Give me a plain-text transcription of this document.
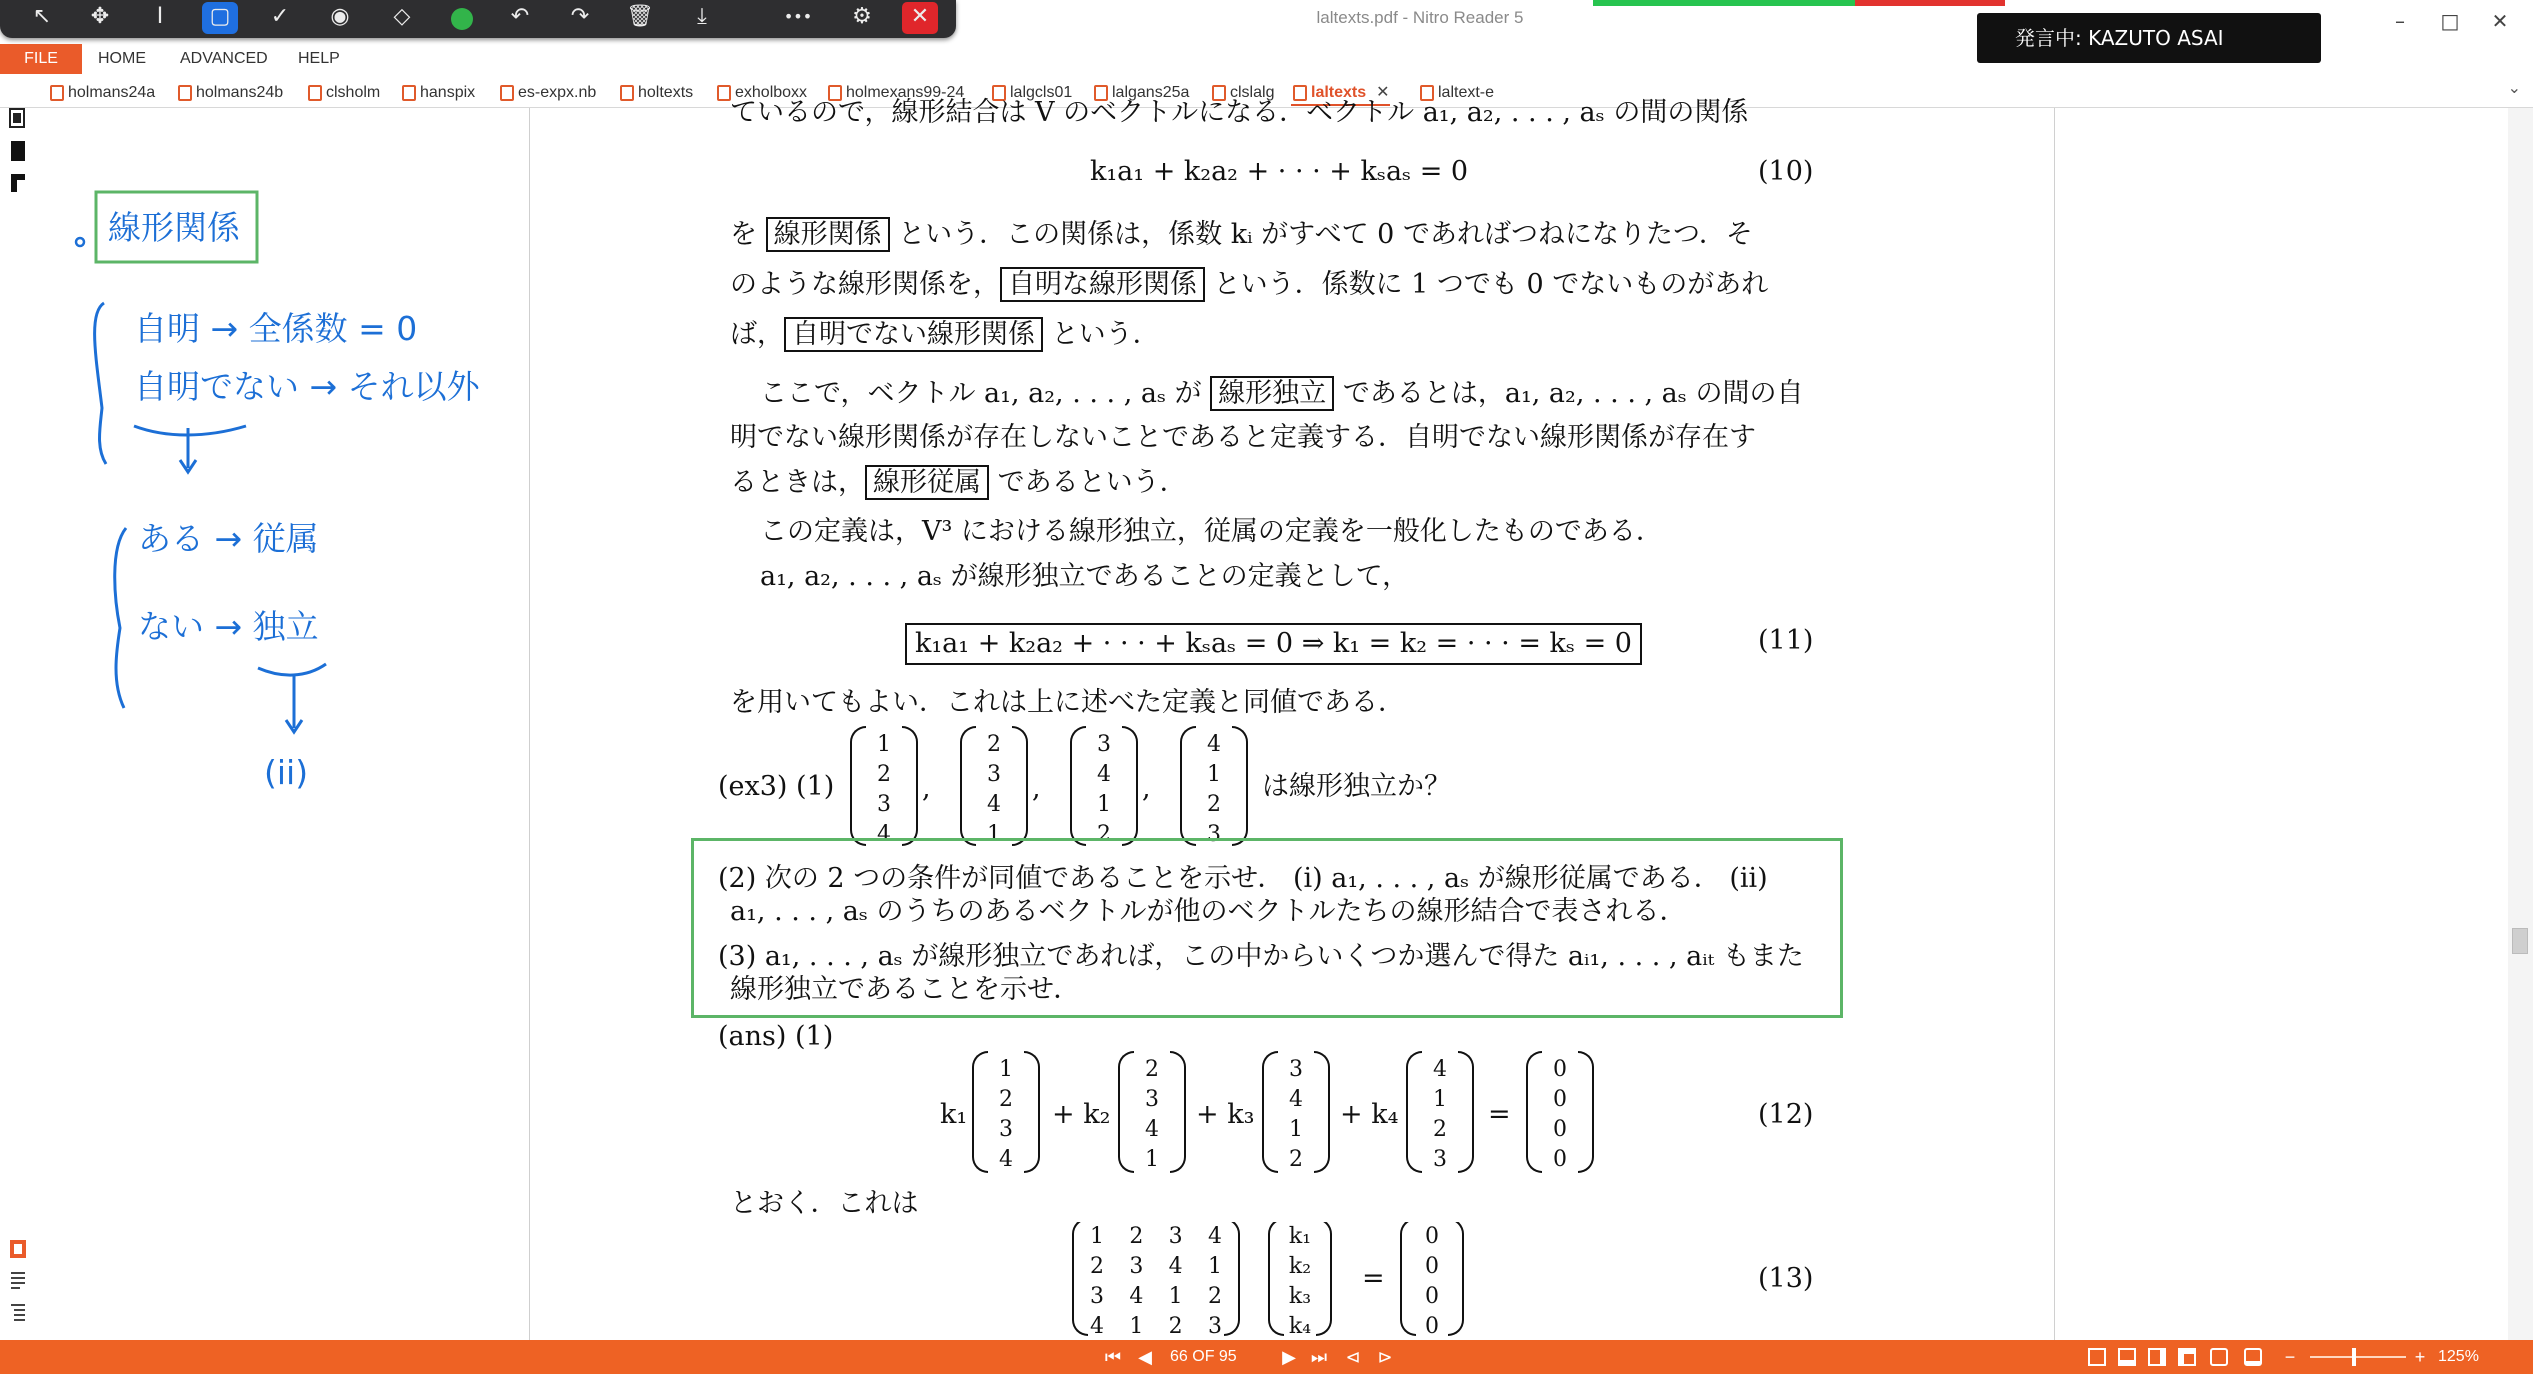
laltexts.pdf - Nitro Reader 5	–	□	✕
発言中: KAZUTO ASAI
↖	✥	I	▢	✓	◉	◇	↶	↷	🗑	⤓	•••	⚙	✕
FILE	HOME ADVANCED HELP
holmans24a	holmans24b	clsholm	hanspix	es-expx.nb	holtexts	exholboxx	holmexans99-24	lalgcls01	lalgans25a	clslalg	laltexts ✕	laltext-e	⌄
線形関係
自明 → 全係数 = 0
自明でない → それ以外
ある → 従属
ない → 独立
(ii)
ているので，線形結合は V のベクトルになる．ベクトル a₁, a₂, . . . , aₛ の間の関係
k₁a₁ + k₂a₂ + · · · + kₛaₛ = 0	(10)
を 線形関係 という．この関係は，係数 kᵢ がすべて 0 であればつねになりたつ．そ
のような線形関係を， 自明な線形関係 という．係数に 1 つでも 0 でないものがあれ
ば， 自明でない線形関係 という．
ここで，ベクトル a₁, a₂, . . . , aₛ が 線形独立 であるとは，a₁, a₂, . . . , aₛ の間の自
明でない線形関係が存在しないことであると定義する．自明でない線形関係が存在す
るときは， 線形従属 であるという．
この定義は，V³ における線形独立，従属の定義を一般化したものである．
a₁, a₂, . . . , aₛ が線形独立であることの定義として，
k₁a₁ + k₂a₂ + · · · + kₛaₛ = 0 ⇒ k₁ = k₂ = · · · = kₛ = 0	(11)
を用いてもよい．これは上に述べた定義と同値である．
(ex3) (1)
1
2
3
4
,
2
3
4
1
,
3
4
1
2
,
4
1
2
3
は線形独立か？
(2) 次の 2 つの条件が同値であることを示せ． (i) a₁, . . . , aₛ が線形従属である． (ii)
a₁, . . . , aₛ のうちのあるベクトルが他のベクトルたちの線形結合で表される．
(3) a₁, . . . , aₛ が線形独立であれば，この中からいくつか選んで得た aᵢ₁, . . . , aᵢₜ もまた
線形独立であることを示せ．
(ans) (1)
k₁
1
2
3
4
+ k₂
2
3
4
1
+ k₃
3
4
1
2
+ k₄
4
1
2
3
=
0
0
0
0
(12)
とおく．これは
1 2 3 4
2 3 4 1
3 4 1 2
4 1 2 3
k₁
k₂
k₃
k₄
=
0
0
0
0
(13)
⏮ ◀	66 OF 95	▶ ⏭	⊲ ⊳	−	+ 125%
